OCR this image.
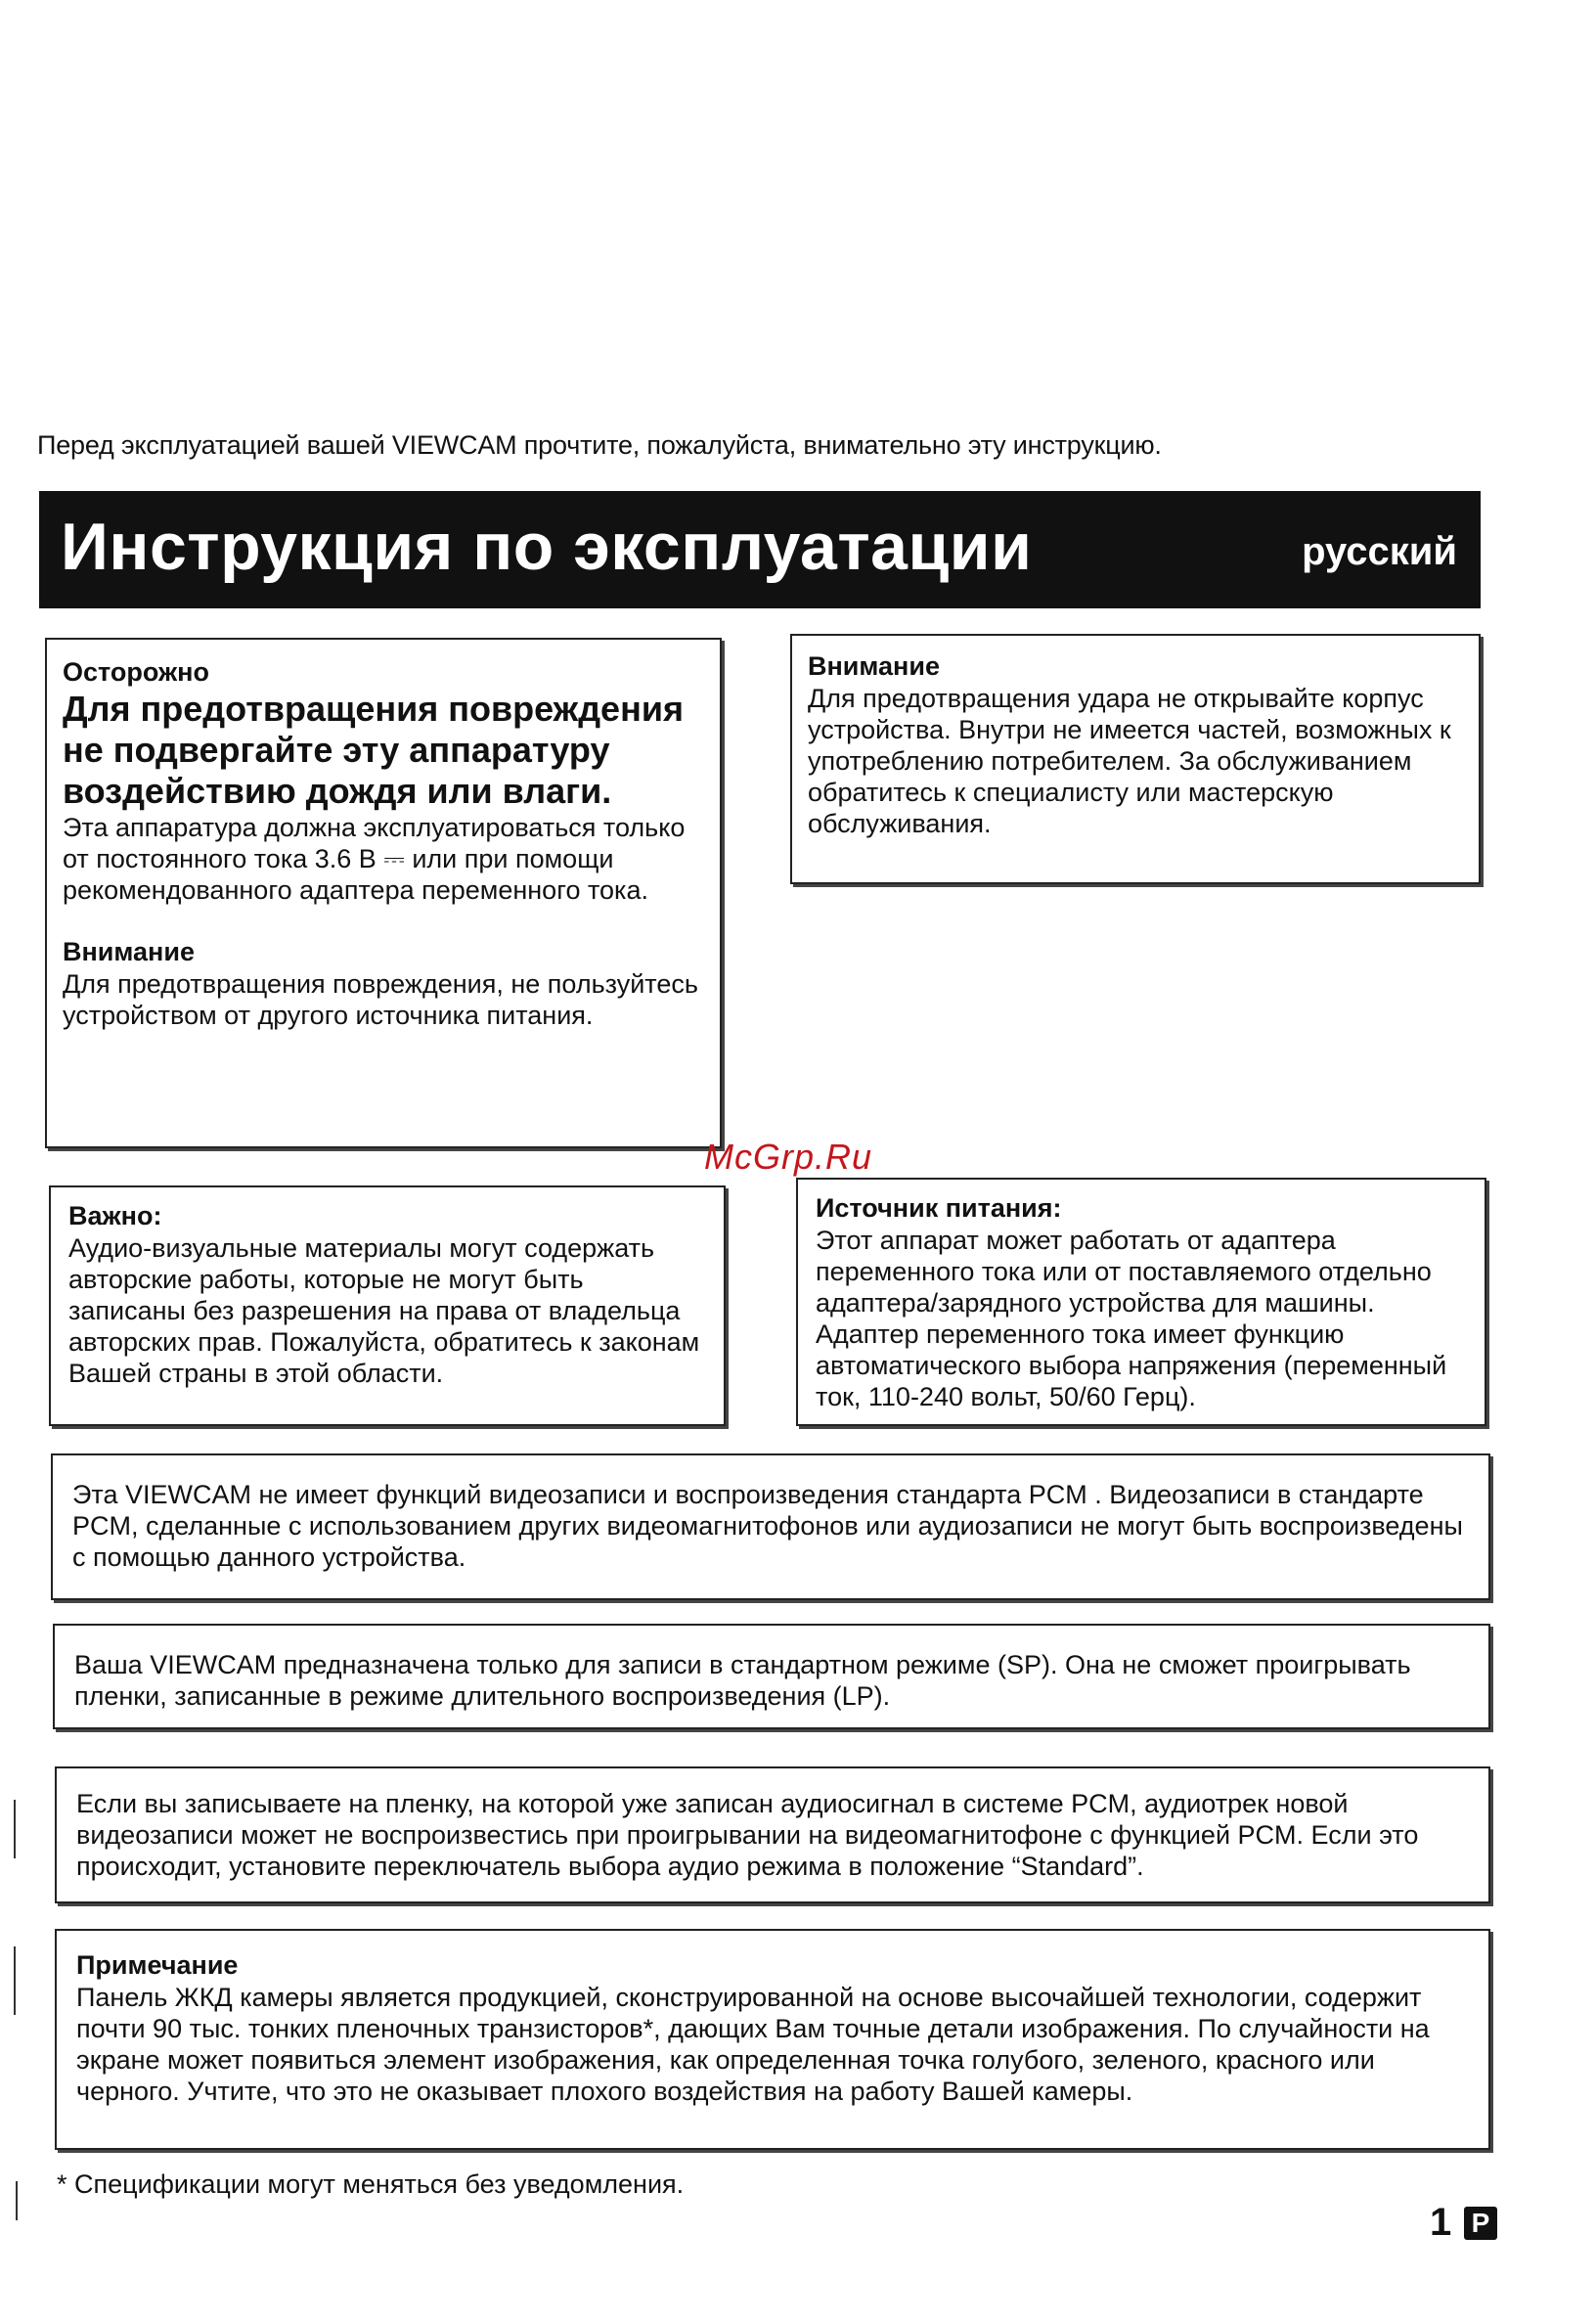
Перед эксплуатацией вашей VIEWCAM прочтите, пожалуйста, внимательно эту инструкцию.
Инструкция по эксплуатации	русский

Осторожно

Для предотвращения повреждения не подвергайте эту аппаратуру воздействию дождя или влаги.

Эта аппаратура должна эксплуатироваться только от постоянного тока 3.6 В ⎓ или при помощи рекомендованного адаптера переменного тока.

Внимание

Для предотвращения повреждения, не пользуйтесь устройством от другого источника питания.

Внимание

Для предотвращения удара не открывайте корпус устройства. Внутри не имеется частей, возможных к употреблению потребителем. За обслуживанием обратитесь к специалисту или мастерскую обслуживания.

McGrp.Ru

Важно:

Аудио-визуальные материалы могут содержать авторские работы, которые не могут быть записаны без разрешения на права от владельца авторских прав. Пожалуйста, обратитесь к законам Вашей страны в этой области.

Источник питания:

Этот аппарат может работать от адаптера переменного тока или от поставляемого отдельно адаптера/зарядного устройства для машины. Адаптер переменного тока имеет функцию автоматического выбора напряжения (переменный ток, 110-240 вольт, 50/60 Герц).

Эта VIEWCAM не имеет функций видеозаписи и воспроизведения стандарта PCM . Видеозаписи в стандарте PCM, сделанные с использованием других видеомагнитофонов или аудиозаписи не могут быть воспроизведены с помощью данного устройства.

Ваша VIEWCAM предназначена только для записи в стандартном режиме (SP). Она не сможет проигрывать пленки, записанные в режиме длительного воспроизведения (LP).

Если вы записываете на пленку, на которой уже записан аудиосигнал в системе PCM, аудиотрек новой видеозаписи может не воспроизвестись при проигрывании на видеомагнитофоне с функцией PCM. Если это происходит, установите переключатель выбора аудио режима в положение “Standard”.

Примечание

Панель ЖКД камеры является продукцией, сконструированной на основе высочайшей технологии, содержит почти 90 тыс. тонких пленочных транзисторов*, дающих Вам точные детали изображения. По случайности на экране может появиться элемент изображения, как определенная точка голубого, зеленого, красного или черного. Учтите, что это не оказывает плохого воздействия на работу Вашей камеры.

* Спецификации могут меняться без уведомления.
1 P
